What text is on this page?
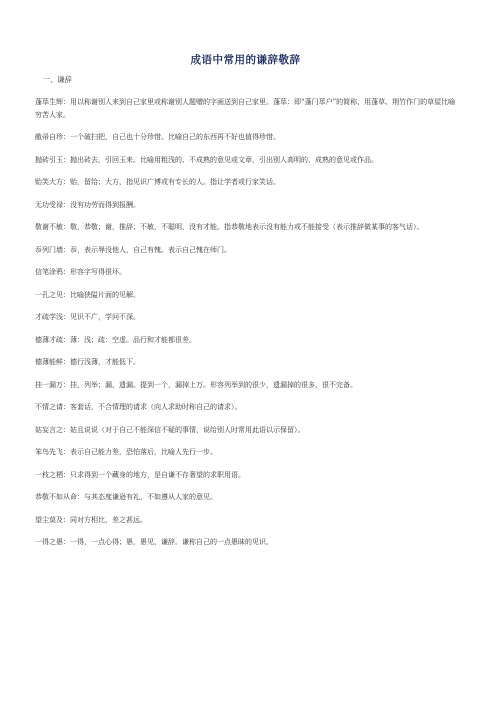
成语中常用的谦辞敬辞
一、谦辞

蓬荜生辉：用以称谢别人来到自己家里或称谢别人题赠的字画送到自己家里。蓬荜：即“蓬门荜户”的简称，用蓬草、荆竹作门的草屋比喻穷苦人家。

敝帚自珍：一个破扫把，自己也十分珍惜。比喻自己的东西再不好也值得珍惜。

抛砖引玉：抛出砖去，引回玉来。比喻用粗浅的、不成熟的意见或文章，引出别人高明的、成熟的意见或作品。

贻笑大方：贻，留给；大方，指见识广博或有专长的人。指让学者或行家笑话。

无功受禄：没有功劳而得到报酬。

敬谢不敏：敬，恭敬；谢，推辞；不敏，不聪明，没有才能。指恭敬地表示没有能力或不能接受（表示推辞做某事的客气话）。

忝列门墙：忝，表示辱没他人，自己有愧。表示自己愧在师门。

信笔涂鸦：形容字写得很坏。

一孔之见：比喻狭隘片面的见解。

才疏学浅：见识不广，学问不深。

德薄才疏：薄：浅；疏：空虚。品行和才能都很差。

德薄能鲜：德行浅薄，才能低下。

挂一漏万：挂，列举；漏，遗漏。提到一个，漏掉上万。形容列举到的很少，遗漏掉的很多，很不完备。

不情之请：客套话，不合情理的请求（向人求助时称自己的请求）。

姑妄言之：姑且说说（对于自己不能深信不疑的事情，说给别人时常用此语以示保留）。

笨鸟先飞：表示自己能力差，恐怕落后，比喻人先行一步。

一枝之栖：只求得到一个藏身的地方，是自谦不存奢望的求职用语。

恭敬不如从命：与其态度谦逊有礼，不如遵从人家的意见。

望尘莫及：同对方相比，差之甚远。

一得之愚：一得，一点心得；愚，愚见，谦辞。谦称自己的一点愚昧的见识。
